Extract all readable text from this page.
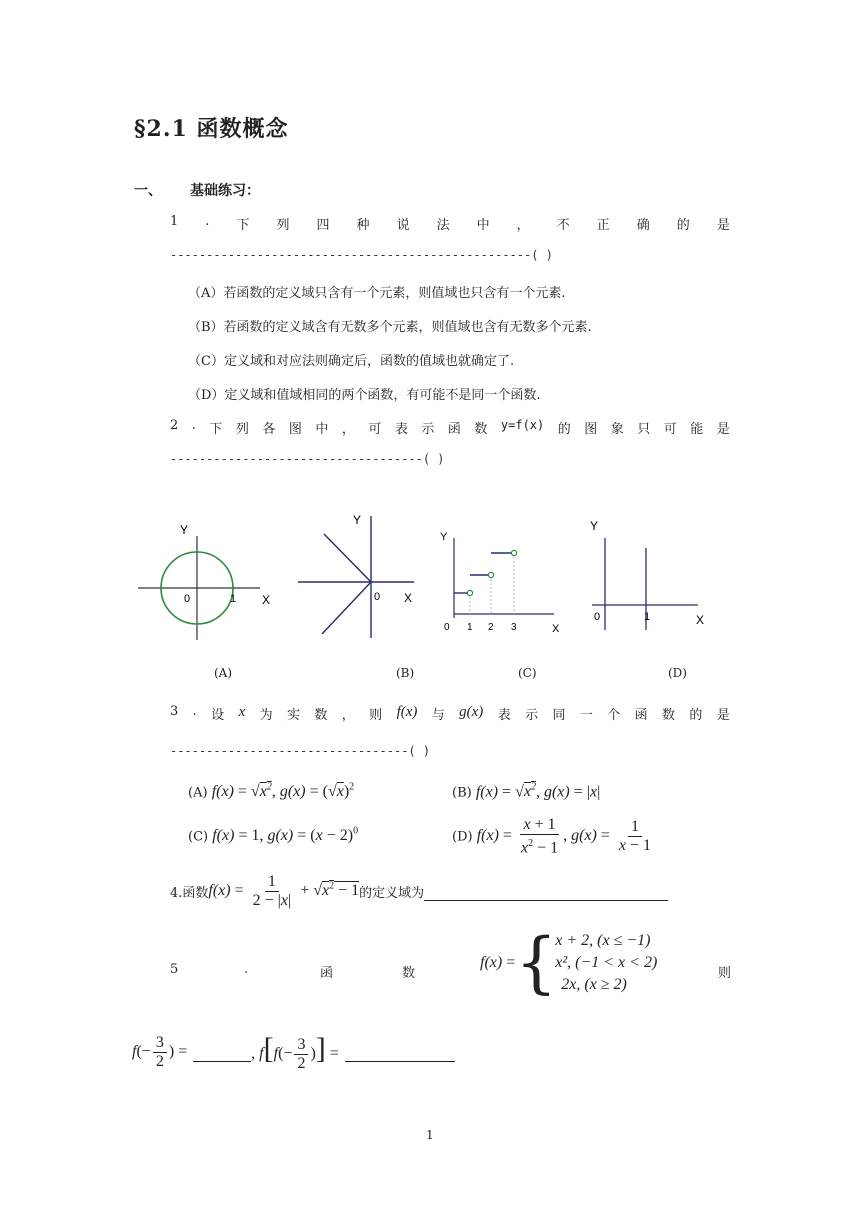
§2.1 函数概念
一、 基础练习：
1 . 下 列 四 种 说 法 中 ， 不 正 确 的 是
--------------------------------------------------( )
（A）若函数的定义域只含有一个元素，则值域也只含有一个元素.
（B）若函数的定义域含有无数多个元素，则值域也含有无数多个元素.
（C）定义域和对应法则确定后，函数的值域也就确定了.
（D）定义域和值域相同的两个函数，有可能不是同一个函数.
2 . 下 列 各 图 中 ， 可 表 示 函 数 y=f(x) 的 图 象 只 可 能 是
-----------------------------------( )
Y
X
0	1
(A)
Y
X
0
(B)
Y
X
0 1 2 3
(C)
Y
X
0	1
(D)
3 . 设 x 为 实 数 ， 则 f(x) 与 g(x) 表 示 同 一 个 函 数 的 是
---------------------------------( )
(A) $f(x) = √x^2$, $g(x) = (√x)^2$	(B) $f(x) = √x^2$, g(x) = |x|
(C) f(x) = 1, $g(x) = (x - 2)^0$	(D) $f(x) = \frac{x + 1}{x^2 - 1}$ , $g(x) = \frac{1}{x - 1}$
4.函数 $f(x) = \frac{1}{2 - |x|} + √x^2 - 1$ 的定义域为
5	.	函	数
f(x) = {
x + 2, (x ≤ −1)
x², (−1 < x < 2)
2x, (x ≥ 2)
则
$f(- \frac{3}{2}$ ) =	, $f[f(- \frac{3}{2}$ )] =
1
